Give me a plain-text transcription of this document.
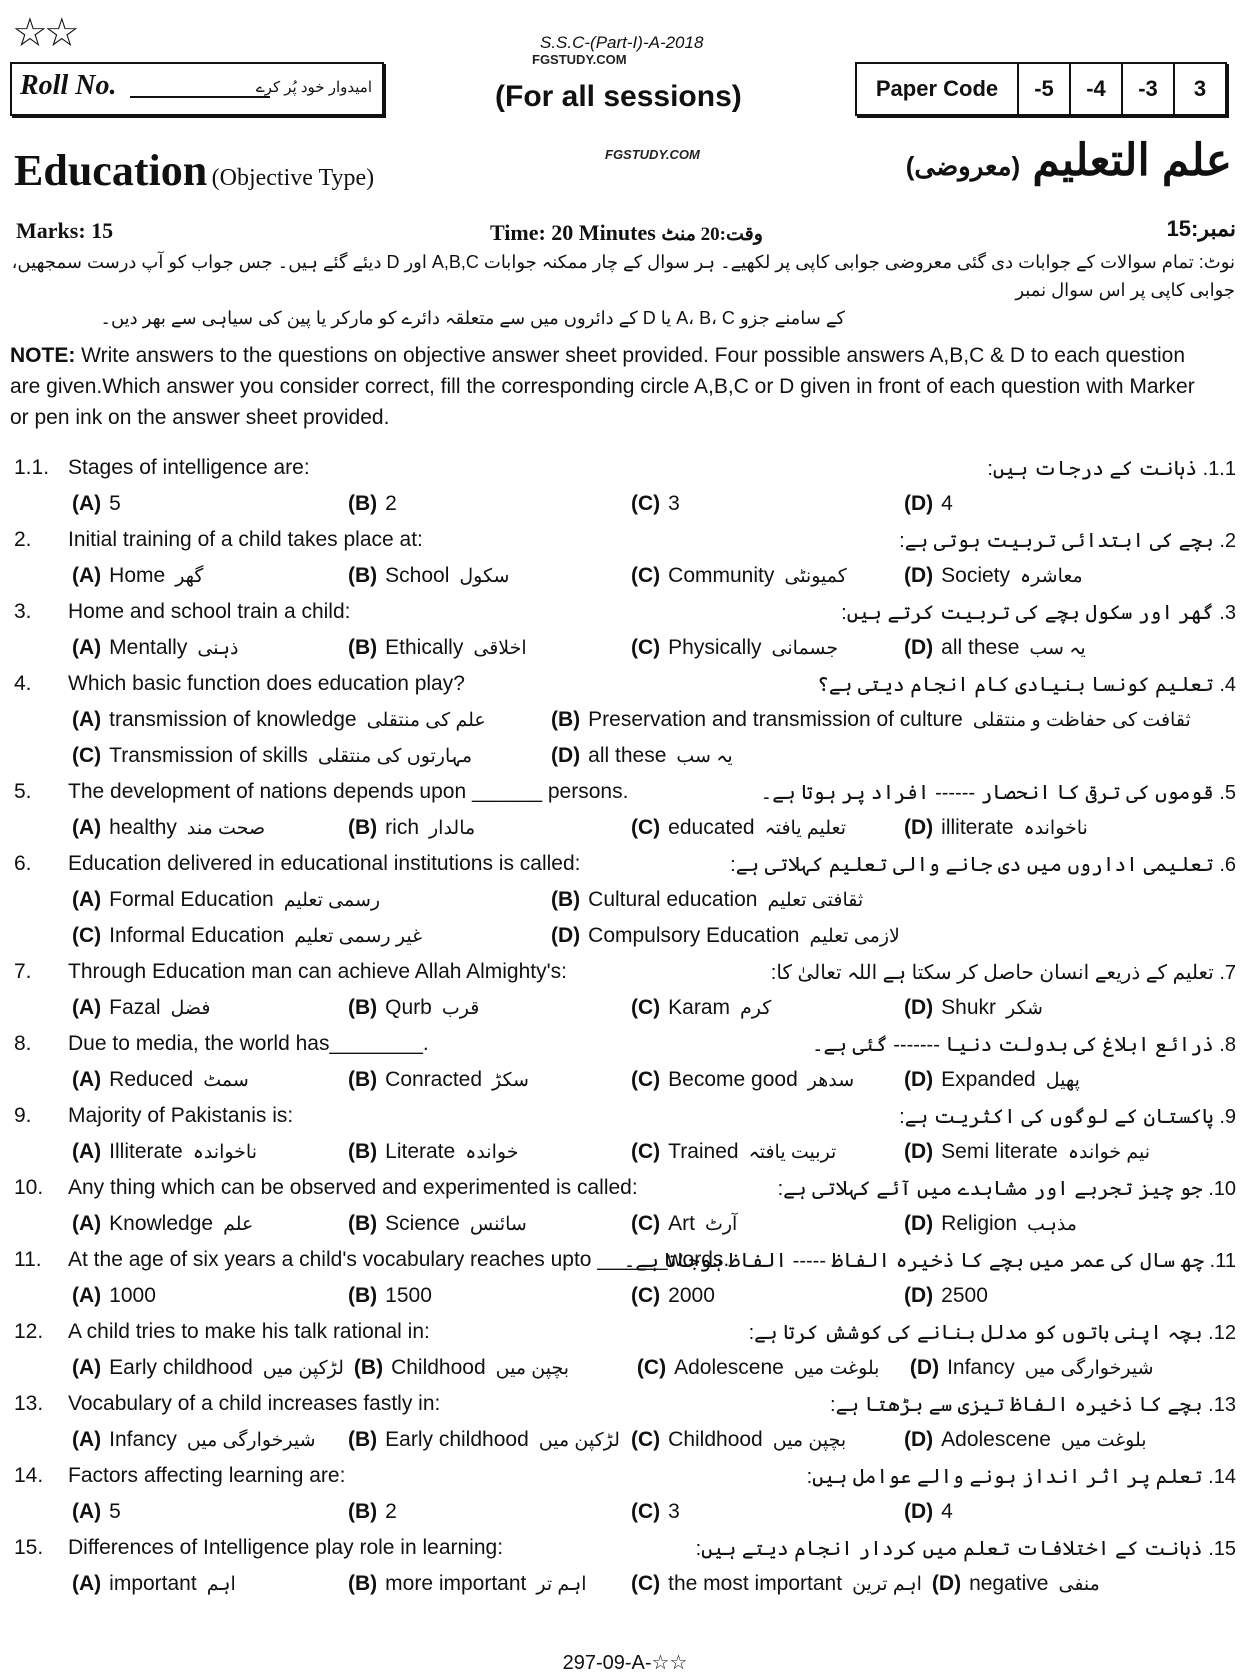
☆☆
Roll No.	امیدوار خود پُر کرے
S.S.C-(Part-I)-A-2018
FGSTUDY.COM
(For all sessions)	Paper Code	-5	-4	-3	3
Education (Objective Type)
FGSTUDY.COM	علم التعلیم (معروضی)
Marks: 15	Time: 20 Minutes وقت:20 منٹ	نمبر:15
نوٹ: تمام سوالات کے جوابات دی گئی معروضی جوابی کاپی پر لکھیے۔ ہر سوال کے چار ممکنہ جوابات A,B,C اور D دیئے گئے ہیں۔ جس جواب کو آپ درست سمجھیں، جوابی کاپی پر اس سوال نمبر
کے سامنے جزو A، B، C یا D کے دائروں میں سے متعلقہ دائرے کو مارکر یا پین کی سیاہی سے بھر دیں۔
NOTE: Write answers to the questions on objective answer sheet provided. Four possible answers A,B,C & D to each question are given.Which answer you consider correct, fill the corresponding circle A,B,C or D given in front of each question with Marker or pen ink on the answer sheet provided.
1.1. Stages of intelligence are:	1.1. ذہانت کے درجات ہیں:
(A) 5	(B) 2	(C) 3	(D) 4
2.	Initial training of a child takes place at:	2. بچے کی ابتدائی تربیت ہوتی ہے:
(A) Home گھر	(B) School سکول	(C) Community کمیونٹی	(D) Society معاشرہ
3.	Home and school train a child:	3. گھر اور سکول بچے کی تربیت کرتے ہیں:
(A) Mentally ذہنی	(B) Ethically اخلاقی	(C) Physically جسمانی	(D) all these یہ سب
4.	Which basic function does education play?	4. تعلیم کونسا بنیادی کام انجام دیتی ہے؟
(A) transmission of knowledge علم کی منتقلی	(B) Preservation and transmission of culture ثقافت کی حفاظت و منتقلی
(C) Transmission of skills مہارتوں کی منتقلی	(D) all these یہ سب
5.	The development of nations depends upon ______ persons.	5. قوموں کی ترقی کا انحصار ------ افراد پر ہوتا ہے۔
(A) healthy صحت مند	(B) rich مالدار	(C) educated تعلیم یافتہ	(D) illiterate ناخواندہ
6.	Education delivered in educational institutions is called:	6. تعلیمی اداروں میں دی جانے والی تعلیم کہلاتی ہے:
(A) Formal Education رسمی تعلیم	(B) Cultural education ثقافتی تعلیم
(C) Informal Education غیر رسمی تعلیم	(D) Compulsory Education لازمی تعلیم
7.	Through Education man can achieve Allah Almighty's:	7. تعلیم کے ذریعے انسان حاصل کر سکتا ہے اللہ تعالیٰ کا:
(A) Fazal فضل	(B) Qurb قرب	(C) Karam کرم	(D) Shukr شکر
8.	Due to media, the world has________.	8. ذرائع ابلاغ کی بدولت دنیا ------- گئی ہے۔
(A) Reduced سمٹ	(B) Conracted سکڑ	(C) Become good سدھر	(D) Expanded پھیل
9.	Majority of Pakistanis is:	9. پاکستان کے لوگوں کی اکثریت ہے:
(A) Illiterate ناخواندہ	(B) Literate خواندہ	(C) Trained تربیت یافتہ	(D) Semi literate نیم خواندہ
10.	Any thing which can be observed and experimented is called:	10. جو چیز تجربے اور مشاہدے میں آئے کہلاتی ہے:
(A) Knowledge علم	(B) Science سائنس	(C) Art آرٹ	(D) Religion مذہب
11.	At the age of six years a child's vocabulary reaches upto ______words.
11. چھ سال کی عمر میں بچے کا ذخیرہ الفاظ ----- الفاظ ہوجاتا ہے۔
(A) 1000	(B) 1500	(C) 2000	(D) 2500
12.	A child tries to make his talk rational in:	12. بچہ اپنی باتوں کو مدلل بنانے کی کوشش کرتا ہے:
(A) Early childhood لڑکپن میں (B) Childhood بچپن میں	(C) Adolescene بلوغت میں	(D) Infancy شیرخوارگی میں
13.	Vocabulary of a child increases fastly in:	13. بچے کا ذخیرہ الفاظ تیزی سے بڑھتا ہے:
(A) Infancy شیرخوارگی میں	(B) Early childhood لڑکپن میں (C) Childhood بچپن میں	(D) Adolescene بلوغت میں
14.	Factors affecting learning are:	14. تعلم پر اثر انداز ہونے والے عوامل ہیں:
(A) 5	(B) 2	(C) 3	(D) 4
15.	Differences of Intelligence play role in learning:	15. ذہانت کے اختلافات تعلم میں کردار انجام دیتے ہیں:
(A) important اہم	(B) more important اہم تر	(C) the most important اہم ترین (D) negative منفی
297-09-A-☆☆
